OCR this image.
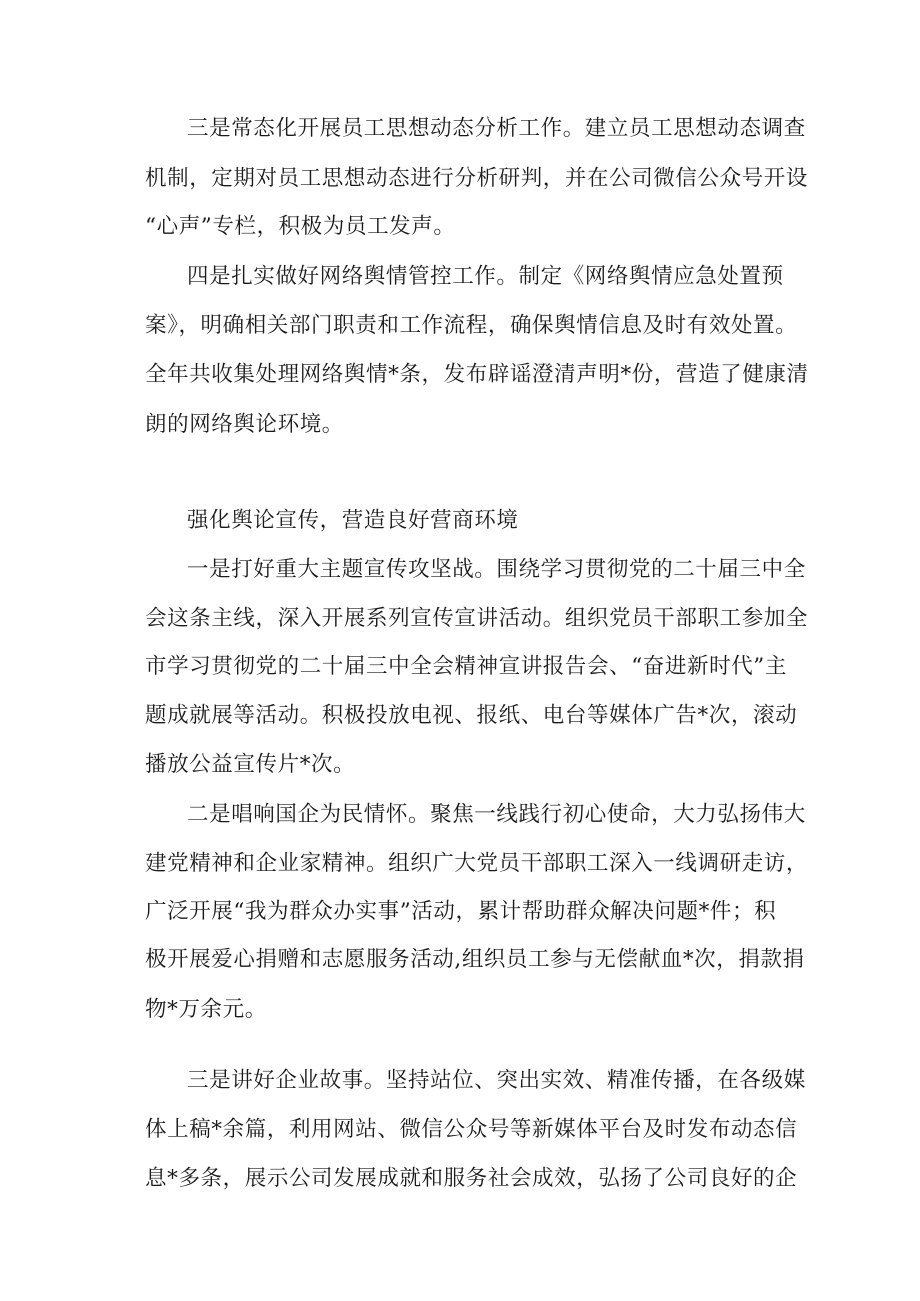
三是常态化开展员工思想动态分析工作。建立员工思想动态调查
机制，定期对员工思想动态进行分析研判，并在公司微信公众号开设
“心声”专栏，积极为员工发声。
四是扎实做好网络舆情管控工作。制定《网络舆情应急处置预
案》，明确相关部门职责和工作流程，确保舆情信息及时有效处置。
全年共收集处理网络舆情*条，发布辟谣澄清声明*份，营造了健康清
朗的网络舆论环境。
强化舆论宣传，营造良好营商环境
一是打好重大主题宣传攻坚战。围绕学习贯彻党的二十届三中全
会这条主线，深入开展系列宣传宣讲活动。组织党员干部职工参加全
市学习贯彻党的二十届三中全会精神宣讲报告会、“奋进新时代”主
题成就展等活动。积极投放电视、报纸、电台等媒体广告*次，滚动
播放公益宣传片*次。
二是唱响国企为民情怀。聚焦一线践行初心使命，大力弘扬伟大
建党精神和企业家精神。组织广大党员干部职工深入一线调研走访，
广泛开展“我为群众办实事”活动，累计帮助群众解决问题*件；积
极开展爱心捐赠和志愿服务活动,组织员工参与无偿献血*次，捐款捐
物*万余元。
三是讲好企业故事。坚持站位、突出实效、精准传播，在各级媒
体上稿*余篇，利用网站、微信公众号等新媒体平台及时发布动态信
息*多条，展示公司发展成就和服务社会成效，弘扬了公司良好的企
